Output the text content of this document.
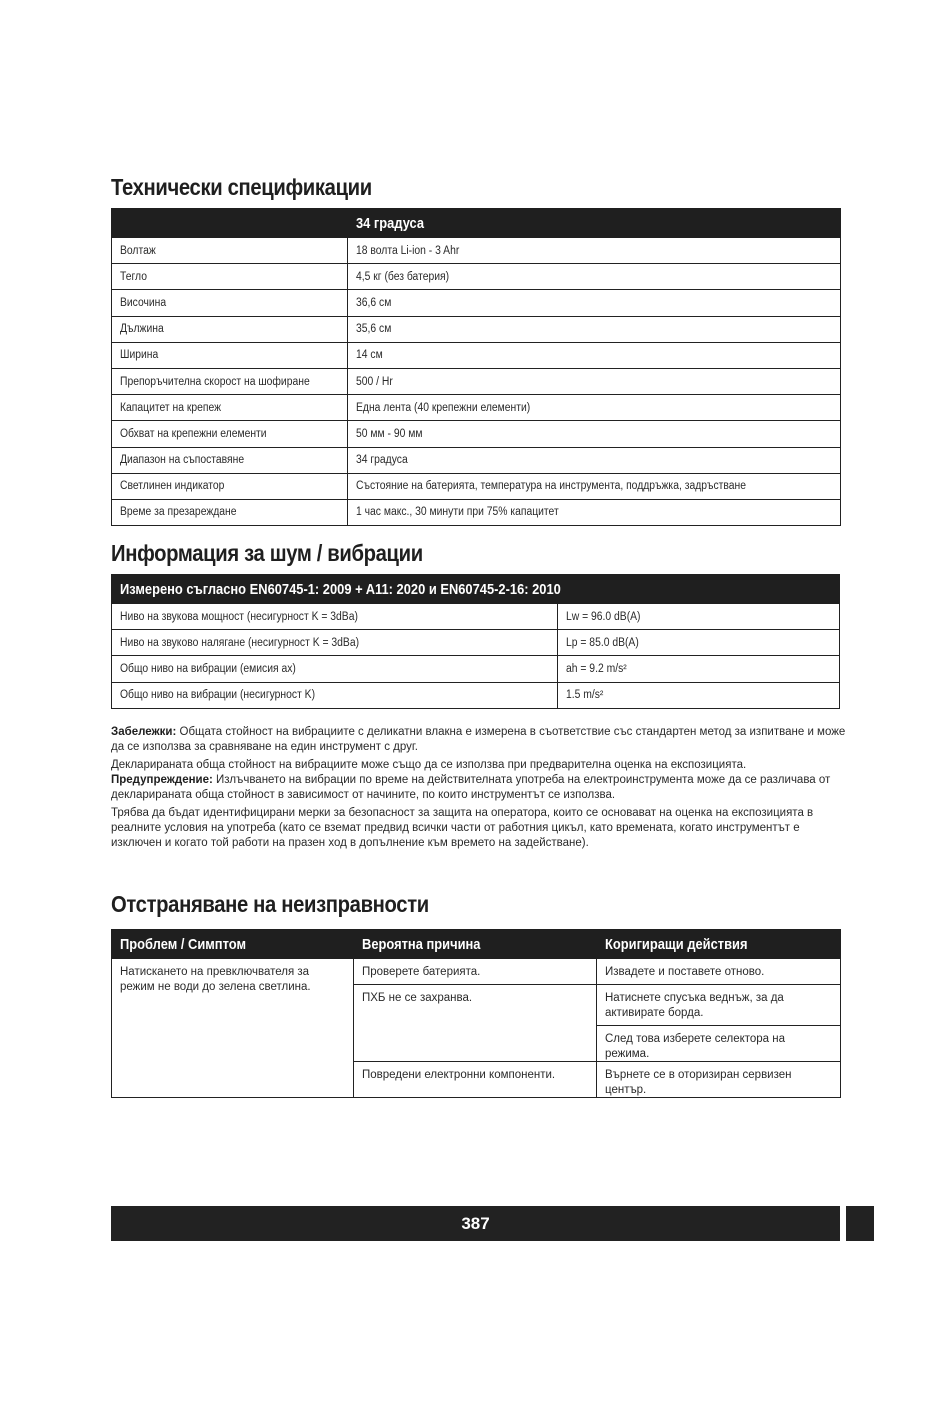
Технически спецификации
	34 градуса
Волтаж	18 волта Li-ion - 3 Ahr
Тегло	4,5 кг (без батерия)
Височина	36,6 см
Дължина	35,6 см
Ширина	14 см
Препоръчителна скорост на шофиране	500 / Hr
Капацитет на крепеж	Една лента (40 крепежни елементи)
Обхват на крепежни елементи	50 мм - 90 мм
Диапазон на съпоставяне	34 градуса
Светлинен индикатор	Състояние на батерията, температура на инструмента, поддръжка, задръстване
Време за презареждане	1 час макс., 30 минути при 75% капацитет
Информация за шум / вибрации
Измерено съгласно EN60745-1: 2009 + A11: 2020 и EN60745-2-16: 2010	
Ниво на звукова мощност (несигурност K = 3dBa)	Lw = 96.0 dB(A)
Ниво на звуково налягане (несигурност K = 3dBa)	Lp = 85.0 dB(A)
Общо ниво на вибрации (емисия ax)	ah = 9.2 m/s²
Общо ниво на вибрации (несигурност K)	1.5 m/s²

Забележки: Общата стойност на вибрациите с деликатни влакна е измерена в съответствие със стандартен метод за изпитване и може да се използва за сравняване на един инструмент с друг.

Декларираната обща стойност на вибрациите може също да се използва при предварителна оценка на експозицията.

Предупреждение: Излъчването на вибрации по време на действителната употреба на електроинструмента може да се различава от декларираната обща стойност в зависимост от начините, по които инструментът се използва.

Трябва да бъдат идентифицирани мерки за безопасност за защита на оператора, които се основават на оценка на експозицията в реалните условия на употреба (като се вземат предвид всички части от работния цикъл, като времената, когато инструментът е изключен и когато той работи на празен ход в допълнение към времето на задействане).

Отстраняване на неизправности
Проблем / Симптом	Вероятна причина	Коригиращи действия
Натискането на превключвателя за режим не води до зелена светлина.	Проверете батерията.	Извадете и поставете отново.
	ПХБ не се захранва.	Натиснете спусъка веднъж, за да активирате борда.
		След това изберете селектора на режима.
	Повредени електронни компоненти.	Върнете се в оторизиран сервизен център.
387
